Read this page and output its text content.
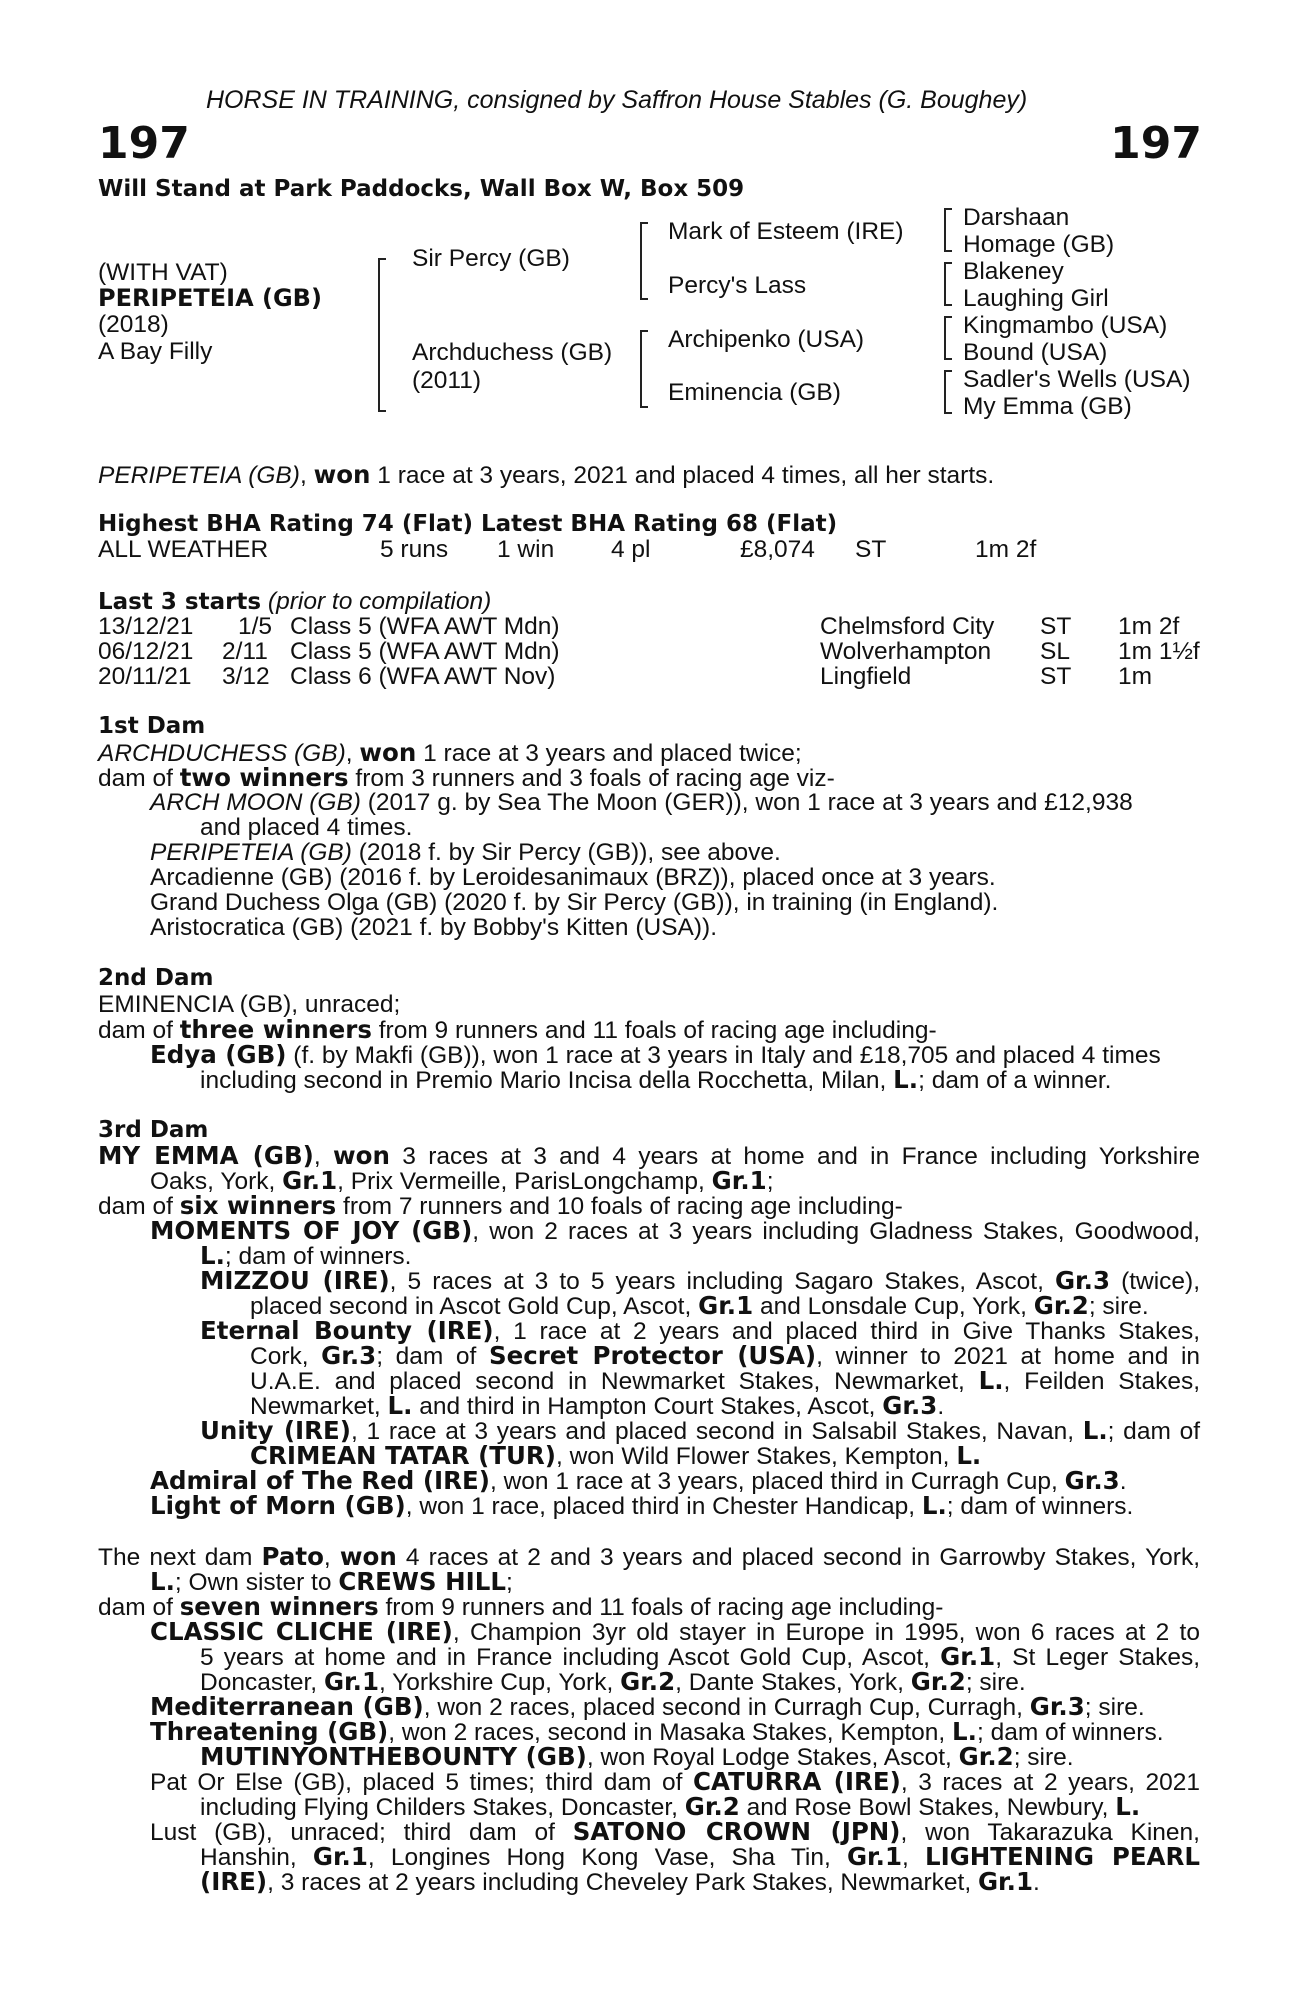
HORSE IN TRAINING, consigned by Saffron House Stables (G. Boughey)
197	197
Will Stand at Park Paddocks, Wall Box W, Box 509
(WITH VAT)
PERIPETEIA (GB)
(2018)
A Bay Filly
Sir Percy (GB)
Archduchess (GB)
(2011)
Mark of Esteem (IRE)
Percy's Lass
Archipenko (USA)
Eminencia (GB)
Darshaan
Homage (GB)
Blakeney
Laughing Girl
Kingmambo (USA)
Bound (USA)
Sadler's Wells (USA)
My Emma (GB)
PERIPETEIA (GB), won 1 race at 3 years, 2021 and placed 4 times, all her starts.
Highest BHA Rating 74 (Flat) Latest BHA Rating 68 (Flat)
ALL WEATHER	5 runs 1 win 4 pl	£8,074 ST	1m 2f
Last 3 starts (prior to compilation)
13/12/21 1/5 Class 5 (WFA AWT Mdn)	Chelmsford City ST 1m 2f
06/12/21 2/11 Class 5 (WFA AWT Mdn)	Wolverhampton SL 1m 1½f
20/11/21 3/12 Class 6 (WFA AWT Nov)	Lingfield	ST 1m
1st Dam
ARCHDUCHESS (GB), won 1 race at 3 years and placed twice;
dam of two winners from 3 runners and 3 foals of racing age viz-
ARCH MOON (GB) (2017 g. by Sea The Moon (GER)), won 1 race at 3 years and £12,938
and placed 4 times.
PERIPETEIA (GB) (2018 f. by Sir Percy (GB)), see above.
Arcadienne (GB) (2016 f. by Leroidesanimaux (BRZ)), placed once at 3 years.
Grand Duchess Olga (GB) (2020 f. by Sir Percy (GB)), in training (in England).
Aristocratica (GB) (2021 f. by Bobby's Kitten (USA)).
2nd Dam
EMINENCIA (GB), unraced;
dam of three winners from 9 runners and 11 foals of racing age including-
Edya (GB) (f. by Makfi (GB)), won 1 race at 3 years in Italy and £18,705 and placed 4 times
including second in Premio Mario Incisa della Rocchetta, Milan, L.; dam of a winner.
3rd Dam
MY EMMA (GB), won 3 races at 3 and 4 years at home and in France including Yorkshire
Oaks, York, Gr.1, Prix Vermeille, ParisLongchamp, Gr.1;
dam of six winners from 7 runners and 10 foals of racing age including-
MOMENTS OF JOY (GB), won 2 races at 3 years including Gladness Stakes, Goodwood,
L.; dam of winners.
MIZZOU (IRE), 5 races at 3 to 5 years including Sagaro Stakes, Ascot, Gr.3 (twice),
placed second in Ascot Gold Cup, Ascot, Gr.1 and Lonsdale Cup, York, Gr.2; sire.
Eternal Bounty (IRE), 1 race at 2 years and placed third in Give Thanks Stakes,
Cork, Gr.3; dam of Secret Protector (USA), winner to 2021 at home and in
U.A.E. and placed second in Newmarket Stakes, Newmarket, L., Feilden Stakes,
Newmarket, L. and third in Hampton Court Stakes, Ascot, Gr.3.
Unity (IRE), 1 race at 3 years and placed second in Salsabil Stakes, Navan, L.; dam of
CRIMEAN TATAR (TUR), won Wild Flower Stakes, Kempton, L.
Admiral of The Red (IRE), won 1 race at 3 years, placed third in Curragh Cup, Gr.3.
Light of Morn (GB), won 1 race, placed third in Chester Handicap, L.; dam of winners.
The next dam Pato, won 4 races at 2 and 3 years and placed second in Garrowby Stakes, York,
L.; Own sister to CREWS HILL;
dam of seven winners from 9 runners and 11 foals of racing age including-
CLASSIC CLICHE (IRE), Champion 3yr old stayer in Europe in 1995, won 6 races at 2 to
5 years at home and in France including Ascot Gold Cup, Ascot, Gr.1, St Leger Stakes,
Doncaster, Gr.1, Yorkshire Cup, York, Gr.2, Dante Stakes, York, Gr.2; sire.
Mediterranean (GB), won 2 races, placed second in Curragh Cup, Curragh, Gr.3; sire.
Threatening (GB), won 2 races, second in Masaka Stakes, Kempton, L.; dam of winners.
MUTINYONTHEBOUNTY (GB), won Royal Lodge Stakes, Ascot, Gr.2; sire.
Pat Or Else (GB), placed 5 times; third dam of CATURRA (IRE), 3 races at 2 years, 2021
including Flying Childers Stakes, Doncaster, Gr.2 and Rose Bowl Stakes, Newbury, L.
Lust (GB), unraced; third dam of SATONO CROWN (JPN), won Takarazuka Kinen,
Hanshin, Gr.1, Longines Hong Kong Vase, Sha Tin, Gr.1, LIGHTENING PEARL
(IRE), 3 races at 2 years including Cheveley Park Stakes, Newmarket, Gr.1.
